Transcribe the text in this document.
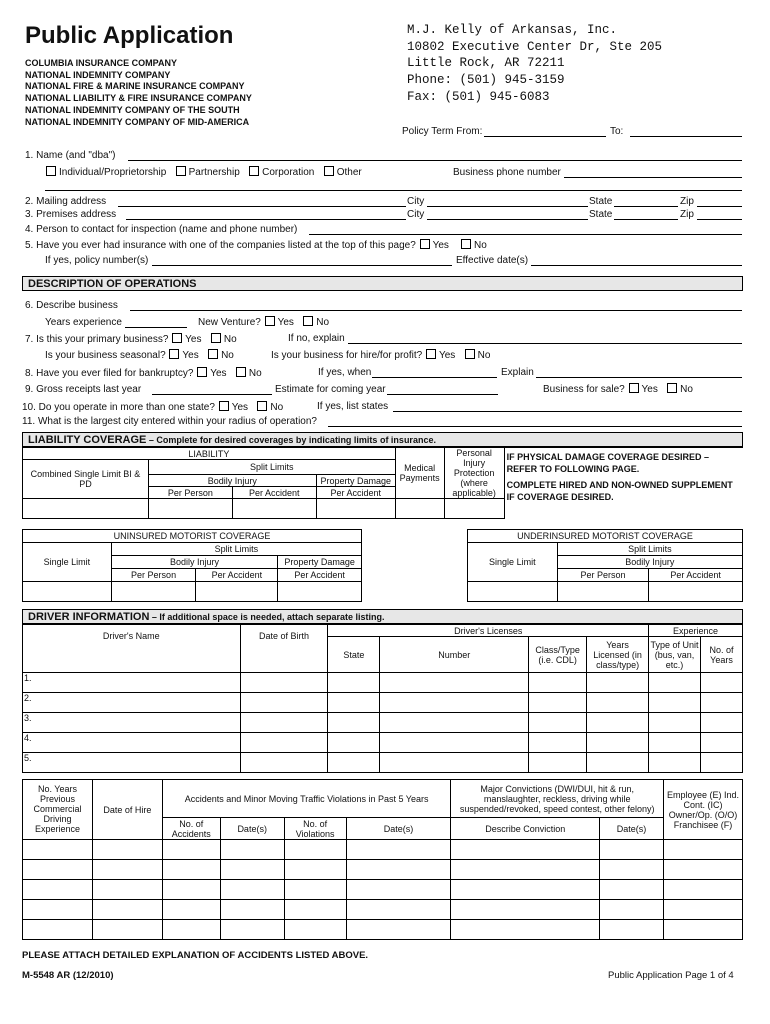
Public Application
COLUMBIA INSURANCE COMPANY
NATIONAL INDEMNITY COMPANY
NATIONAL FIRE & MARINE INSURANCE COMPANY
NATIONAL LIABILITY & FIRE INSURANCE COMPANY
NATIONAL INDEMNITY COMPANY OF THE SOUTH
NATIONAL INDEMNITY COMPANY OF MID-AMERICA
M.J. Kelly of Arkansas, Inc.
10802 Executive Center Dr, Ste 205
Little Rock, AR 72211
Phone: (501) 945-3159
Fax: (501) 945-6083
Policy Term From:	To:
1. Name (and "dba")
Individual/Proprietorship Partnership Corporation Other	Business phone number
2. Mailing address	City	State	Zip
3. Premises address	City	State	Zip
4. Person to contact for inspection (name and phone number)
5. Have you ever had insurance with one of the companies listed at the top of this page? Yes	No
If yes, policy number(s)	Effective date(s)
DESCRIPTION OF OPERATIONS
6. Describe business
Years experience	New Venture? Yes No
7. Is this your primary business? Yes No	If no, explain
Is your business seasonal? Yes No	Is your business for hire/for profit? Yes No
8. Have you ever filed for bankruptcy? Yes No	If yes, when	Explain
9. Gross receipts last year	Estimate for coming year	Business for sale? Yes No
10. Do you operate in more than one state? Yes No	If yes, list states
11. What is the largest city entered within your radius of operation?
LIABILITY COVERAGE – Complete for desired coverages by indicating limits of insurance.
LIABILITY				Medical Payments	Personal Injury Protection (where applicable)	IF PHYSICAL DAMAGE COVERAGE DESIRED – REFER TO FOLLOWING PAGE.
COMPLETE HIRED AND NON-OWNED SUPPLEMENT IF COVERAGE DESIRED.

Combined Single Limit BI & PD	Split Limits					
	Bodily Injury		Property Damage			
	Per Person	Per Accident	Per Accident			

UNINSURED MOTORIST COVERAGE			
Single Limit	Split Limits		
	Bodily Injury		Property Damage
	Per Person	Per Accident	Per Accident

UNDERINSURED MOTORIST COVERAGE		
Single Limit	Split Limits	
	Bodily Injury	
	Per Person	Per Accident

DRIVER INFORMATION – If additional space is needed, attach separate listing.
Driver's Name	Date of Birth	Driver's Licenses				Experience	
		State	Number	Class/Type (i.e. CDL)	Years Licensed (in class/type)	Type of Unit (bus, van, etc.)	No. of Years
1.							
2.							
3.							
4.							
5.							
No. Years Previous Commercial Driving Experience	Date of Hire	Accidents and Minor Moving Traffic Violations in Past 5 Years				Major Convictions (DWI/DUI, hit & run, manslaughter, reckless, driving while suspended/revoked, speed contest, other felony)		Employee (E) Ind. Cont. (IC) Owner/Op. (O/O) Franchisee (F)
		No. of Accidents	Date(s)	No. of Violations	Date(s)	Describe Conviction	Date(s)	

PLEASE ATTACH DETAILED EXPLANATION OF ACCIDENTS LISTED ABOVE.
M-5548 AR (12/2010)	Public Application Page 1 of 4
